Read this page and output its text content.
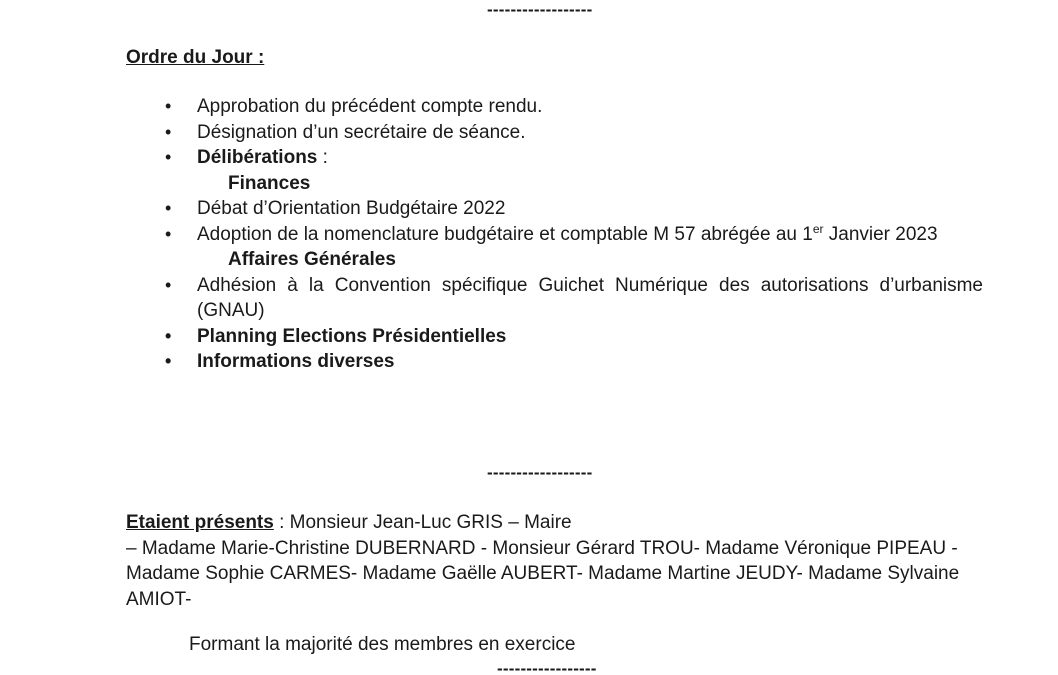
------------------
Ordre du Jour :
• Approbation du précédent compte rendu.
• Désignation d’un secrétaire de séance.
• Délibérations :
Finances
• Débat d’Orientation Budgétaire 2022
• Adoption de la nomenclature budgétaire et comptable M 57 abrégée au 1er Janvier 2023
Affaires Générales
• Adhésion à la Convention spécifique Guichet Numérique des autorisations d’urbanisme (GNAU)
• Planning Elections Présidentielles
• Informations diverses
------------------
Etaient présents : Monsieur Jean-Luc GRIS – Maire
– Madame Marie-Christine DUBERNARD - Monsieur Gérard TROU- Madame Véronique PIPEAU - Madame Sophie CARMES- Madame Gaëlle AUBERT- Madame Martine JEUDY- Madame Sylvaine AMIOT-
Formant la majorité des membres en exercice
-----------------
